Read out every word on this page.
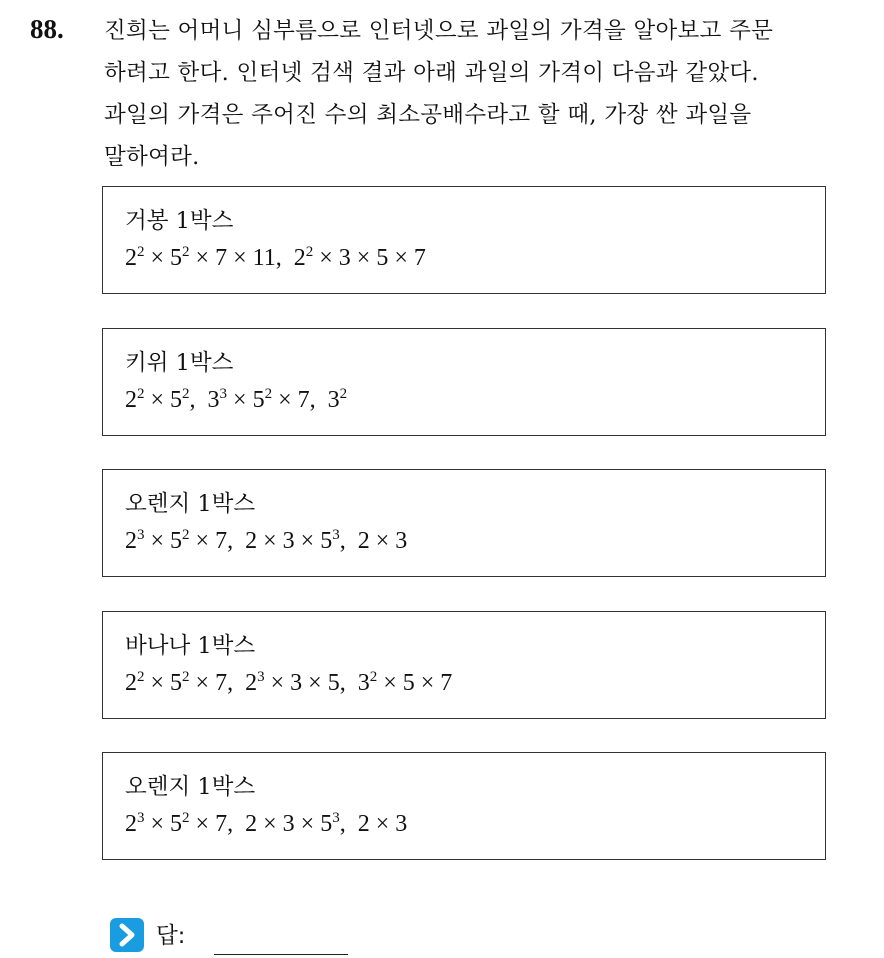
88. 진희는 어머니 심부름으로 인터넷으로 과일의 가격을 알아보고 주문
하려고 한다. 인터넷 검색 결과 아래 과일의 가격이 다음과 같았다.
과일의 가격은 주어진 수의 최소공배수라고 할 때, 가장 싼 과일을
말하여라.
거봉 1박스
$2^2 \times 5^2 \times 7 \times 11$, $2^2 \times 3 \times 5 \times 7$
키위 1박스
$2^2 \times 5^2$, $3^3 \times 5^2 \times 7$, $3^2$
오렌지 1박스
$2^3 \times 5^2 \times 7$, $2 \times 3 \times 5^3$, 2 × 3
바나나 1박스
$2^2 \times 5^2 \times 7$, $2^3 \times 3 \times 5$, $3^2 \times 5 \times 7$
오렌지 1박스
$2^3 \times 5^2 \times 7$, $2 \times 3 \times 5^3$, 2 × 3
답:
